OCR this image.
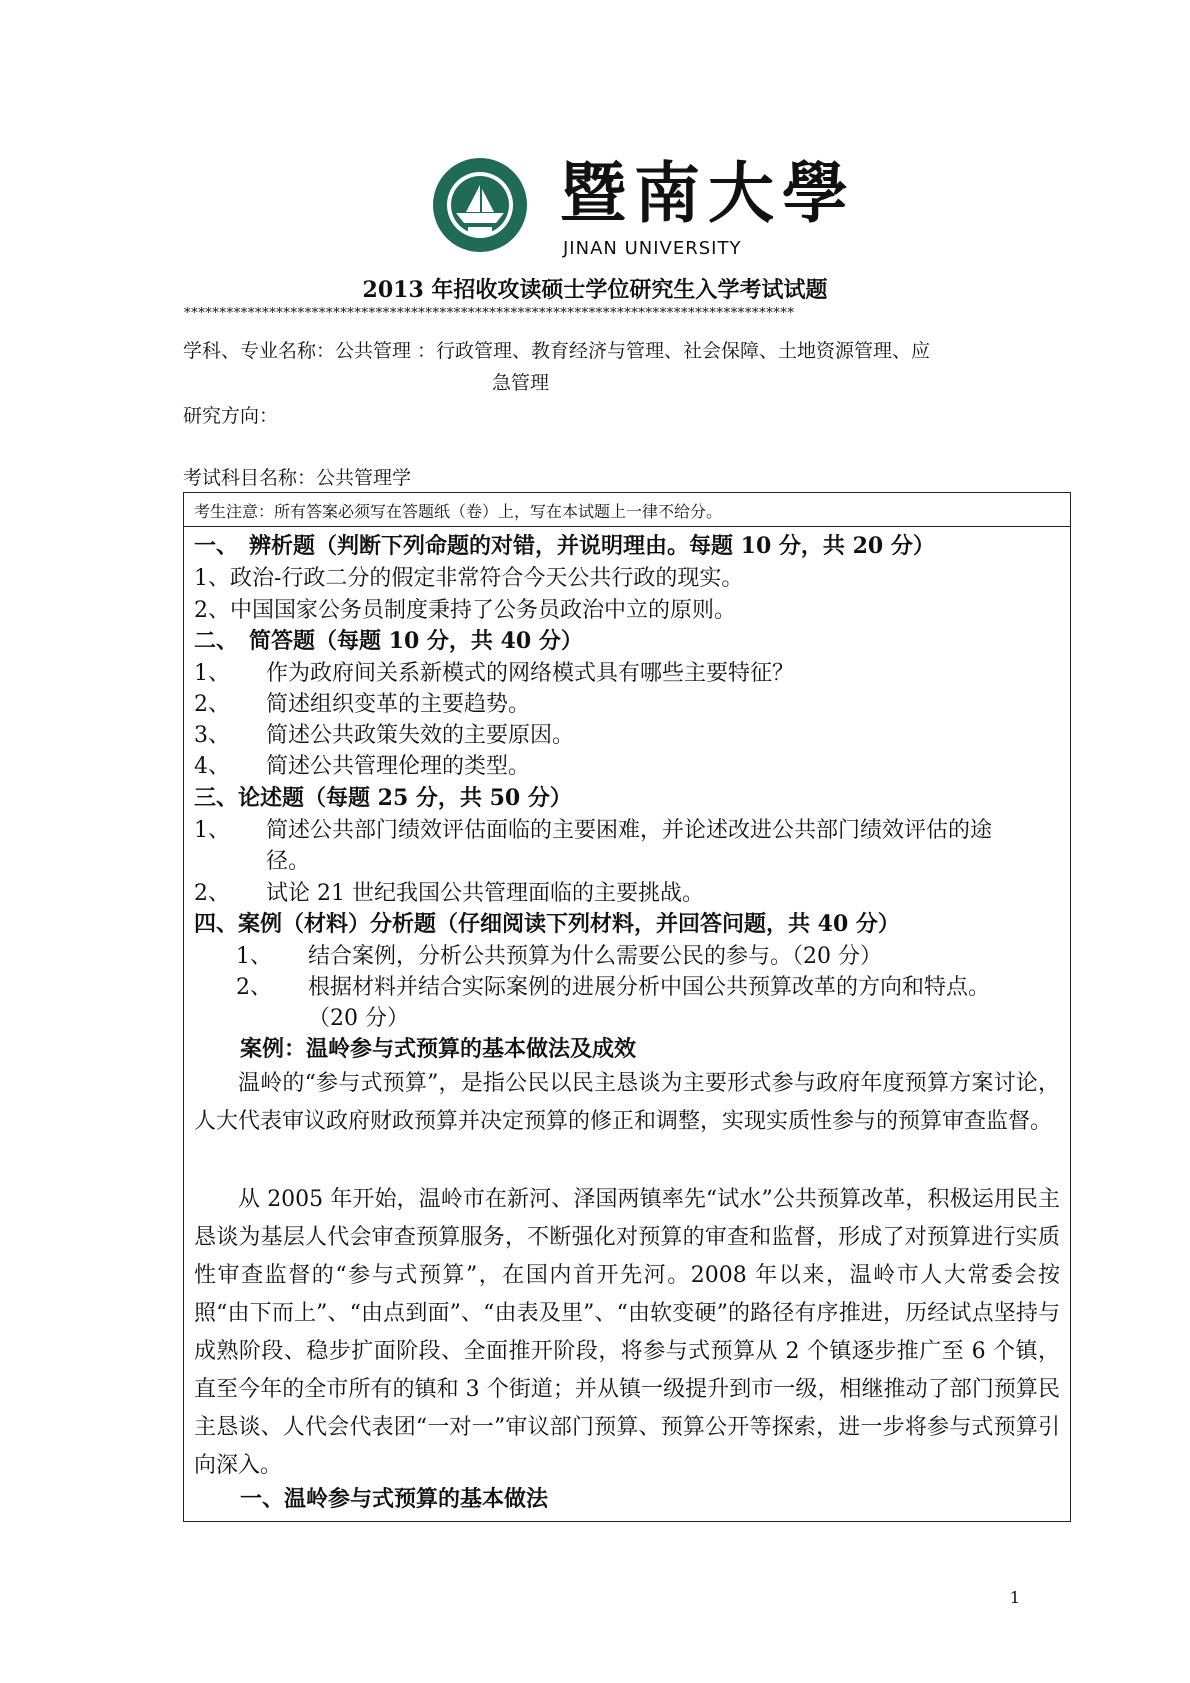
暨南大學
JINAN UNIVERSITY
2013 年招收攻读硕士学位研究生入学考试试题
**************************************************************************************
学科、专业名称：公共管理 ：行政管理、教育经济与管理、社会保障、土地资源管理、应
急管理
研究方向：
考试科目名称：公共管理学
考生注意：所有答案必须写在答题纸（卷）上，写在本试题上一律不给分。
一、　辨析题（判断下列命题的对错，并说明理由。每题 10 分，共 20 分）
1、政治-行政二分的假定非常符合今天公共行政的现实。
2、中国国家公务员制度秉持了公务员政治中立的原则。
二、　简答题（每题 10 分，共 40 分）
1、 作为政府间关系新模式的网络模式具有哪些主要特征？
2、 简述组织变革的主要趋势。
3、 简述公共政策失效的主要原因。
4、 简述公共管理伦理的类型。
三、论述题（每题 25 分，共 50 分）
1、 简述公共部门绩效评估面临的主要困难，并论述改进公共部门绩效评估的途
径。
2、 试论 21 世纪我国公共管理面临的主要挑战。
四、案例（材料）分析题（仔细阅读下列材料，并回答问题，共 40 分）
1、 结合案例，分析公共预算为什么需要公民的参与。（20 分）
2、 根据材料并结合实际案例的进展分析中国公共预算改革的方向和特点。
（20 分）
案例：温岭参与式预算的基本做法及成效
温岭的“参与式预算”，是指公民以民主恳谈为主要形式参与政府年度预算方案讨论，人大代表审议政府财政预算并决定预算的修正和调整，实现实质性参与的预算审查监督。
从 2005 年开始，温岭市在新河、泽国两镇率先“试水”公共预算改革，积极运用民主恳谈为基层人代会审查预算服务，不断强化对预算的审查和监督，形成了对预算进行实质性审查监督的“参与式预算”，在国内首开先河。2008 年以来，温岭市人大常委会按照“由下而上”、“由点到面”、“由表及里”、“由软变硬”的路径有序推进，历经试点坚持与成熟阶段、稳步扩面阶段、全面推开阶段，将参与式预算从 2 个镇逐步推广至 6 个镇，直至今年的全市所有的镇和 3 个街道；并从镇一级提升到市一级，相继推动了部门预算民主恳谈、人代会代表团“一对一”审议部门预算、预算公开等探索，进一步将参与式预算引向深入。
一、温岭参与式预算的基本做法
1
